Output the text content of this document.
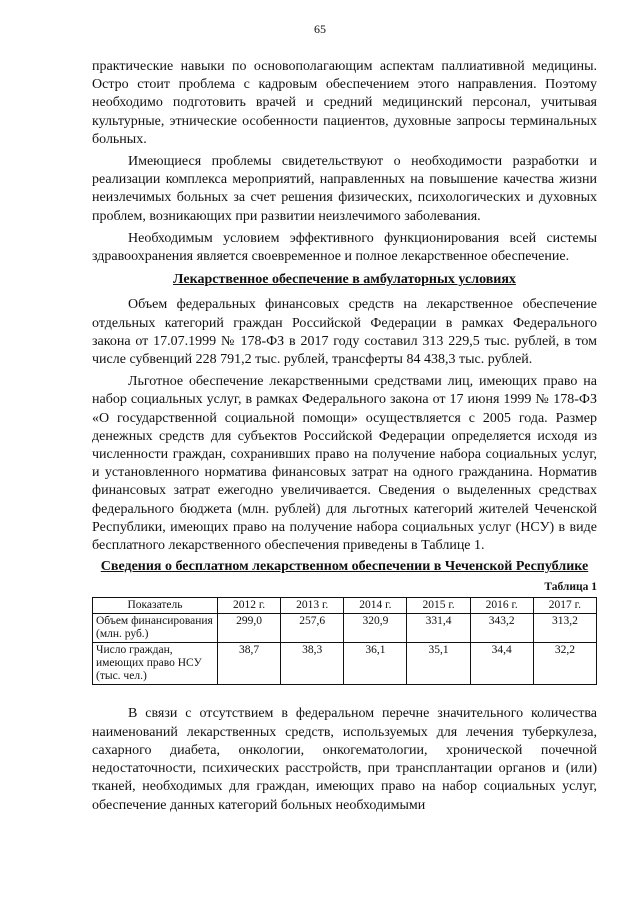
65

практические навыки по основополагающим аспектам паллиативной медицины. Остро стоит проблема с кадровым обеспечением этого направления. Поэтому необходимо подготовить врачей и средний медицинский персонал, учитывая культурные, этнические особенности пациентов, духовные запросы терминальных больных.

Имеющиеся проблемы свидетельствуют о необходимости разработки и реализации комплекса мероприятий, направленных на повышение качества жизни неизлечимых больных за счет решения физических, психологических и духовных проблем, возникающих при развитии неизлечимого заболевания.

Необходимым условием эффективного функционирования всей системы здравоохранения является своевременное и полное лекарственное обеспечение.

Лекарственное обеспечение в амбулаторных условиях

Объем федеральных финансовых средств на лекарственное обеспечение отдельных категорий граждан Российской Федерации в рамках Федерального закона от 17.07.1999 № 178-ФЗ в 2017 году составил 313 229,5 тыс. рублей, в том числе субвенций 228 791,2 тыс. рублей, трансферты 84 438,3 тыс. рублей.

Льготное обеспечение лекарственными средствами лиц, имеющих право на набор социальных услуг, в рамках Федерального закона от 17 июня 1999 № 178-ФЗ «О государственной социальной помощи» осуществляется с 2005 года. Размер денежных средств для субъектов Российской Федерации определяется исходя из численности граждан, сохранивших право на получение набора социальных услуг, и установленного норматива финансовых затрат на одного гражданина. Норматив финансовых затрат ежегодно увеличивается. Сведения о выделенных средствах федерального бюджета (млн. рублей) для льготных категорий жителей Чеченской Республики, имеющих право на получение набора социальных услуг (НСУ) в виде бесплатного лекарственного обеспечения приведены в Таблице 1.

Сведения о бесплатном лекарственном обеспечении в Чеченской Республике
Таблица 1
Показатель	2012 г.	2013 г.	2014 г.	2015 г.	2016 г.	2017 г.
Объем финансирования (млн. руб.)	299,0	257,6	320,9	331,4	343,2	313,2
Число граждан, имеющих право НСУ (тыс. чел.)	38,7	38,3	36,1	35,1	34,4	32,2

В связи с отсутствием в федеральном перечне значительного количества наименований лекарственных средств, используемых для лечения туберкулеза, сахарного диабета, онкологии, онкогематологии, хронической почечной недостаточности, психических расстройств, при трансплантации органов и (или) тканей, необходимых для граждан, имеющих право на набор социальных услуг, обеспечение данных категорий больных необходимыми
